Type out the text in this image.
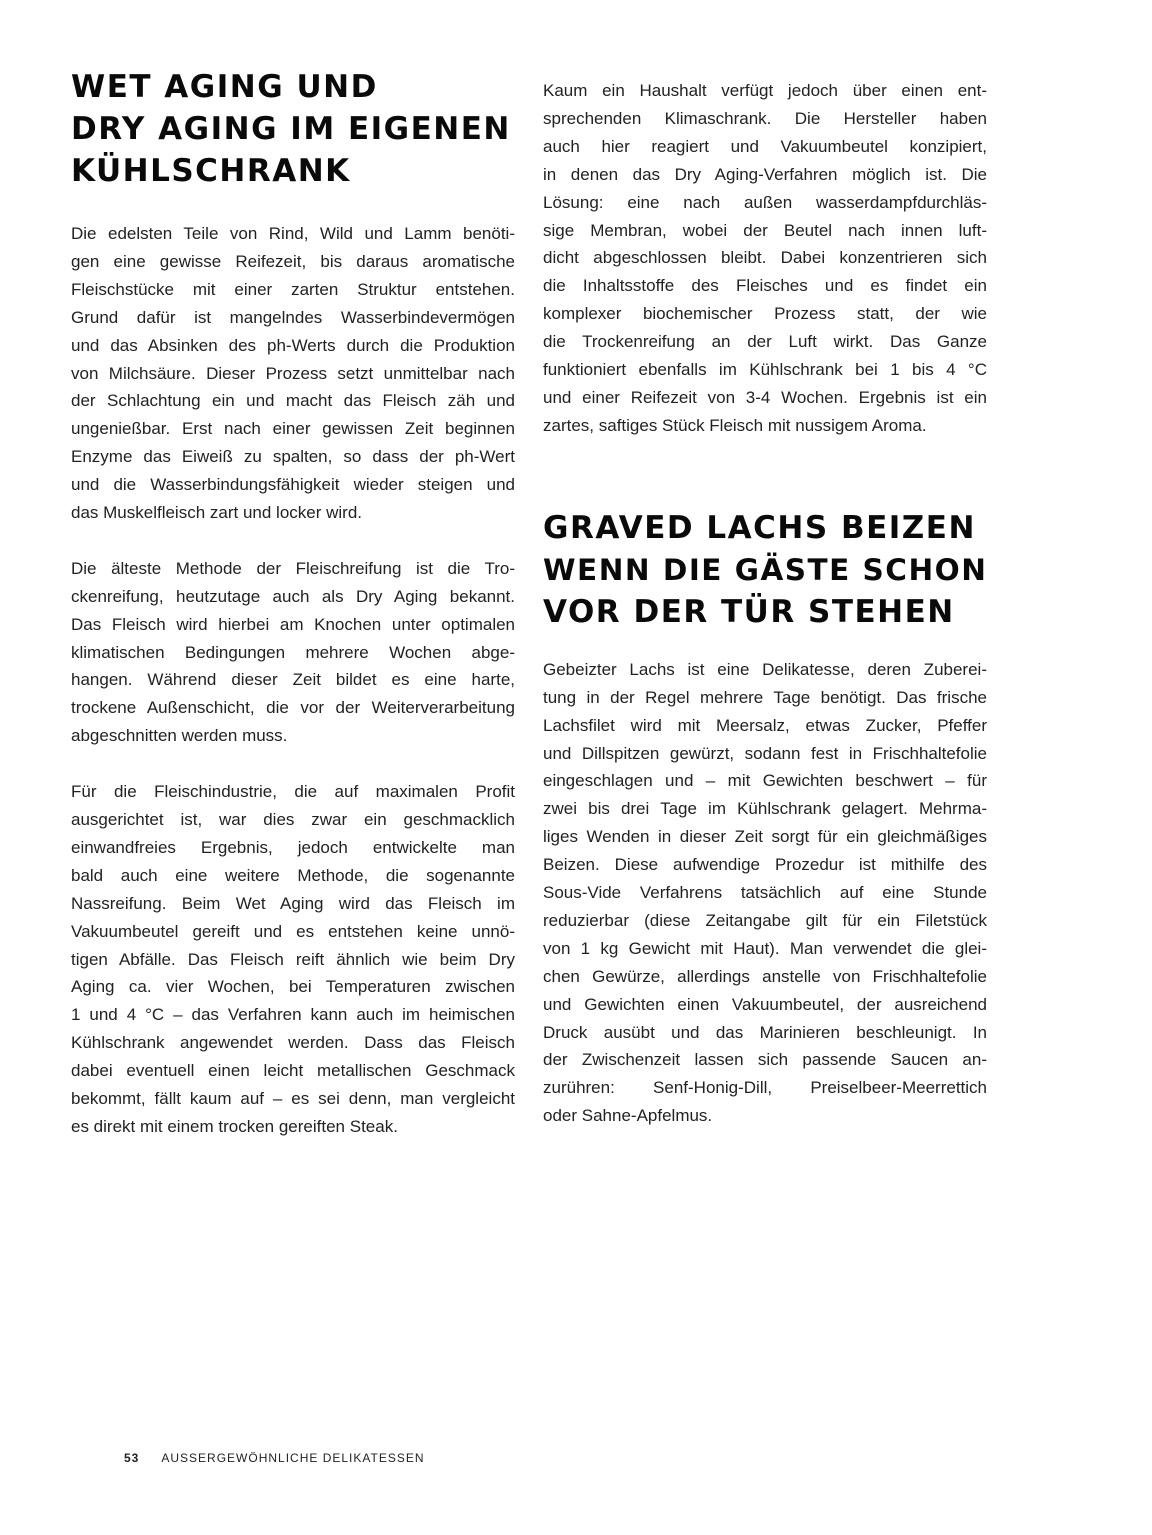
WET AGING UND
DRY AGING IM EIGENEN
KÜHLSCHRANK

Die edelsten Teile von Rind, Wild und Lamm benöti-

gen eine gewisse Reifezeit, bis daraus aromatische

Fleischstücke mit einer zarten Struktur entstehen.

Grund dafür ist mangelndes Wasserbindevermögen

und das Absinken des ph-Werts durch die Produktion

von Milchsäure. Dieser Prozess setzt unmittelbar nach

der Schlachtung ein und macht das Fleisch zäh und

ungenießbar. Erst nach einer gewissen Zeit beginnen

Enzyme das Eiweiß zu spalten, so dass der ph-Wert

und die Wasserbindungsfähigkeit wieder steigen und

das Muskelfleisch zart und locker wird.

Die älteste Methode der Fleischreifung ist die Tro-

ckenreifung, heutzutage auch als Dry Aging bekannt.

Das Fleisch wird hierbei am Knochen unter optimalen

klimatischen Bedingungen mehrere Wochen abge-

hangen. Während dieser Zeit bildet es eine harte,

trockene Außenschicht, die vor der Weiterverarbeitung

abgeschnitten werden muss.

Für die Fleischindustrie, die auf maximalen Profit

ausgerichtet ist, war dies zwar ein geschmacklich

einwandfreies Ergebnis, jedoch entwickelte man

bald auch eine weitere Methode, die sogenannte

Nassreifung. Beim Wet Aging wird das Fleisch im

Vakuumbeutel gereift und es entstehen keine unnö-

tigen Abfälle. Das Fleisch reift ähnlich wie beim Dry

Aging ca. vier Wochen, bei Temperaturen zwischen

1 und 4 °C – das Verfahren kann auch im heimischen

Kühlschrank angewendet werden. Dass das Fleisch

dabei eventuell einen leicht metallischen Geschmack

bekommt, fällt kaum auf – es sei denn, man vergleicht

es direkt mit einem trocken gereiften Steak.

Kaum ein Haushalt verfügt jedoch über einen ent-

sprechenden Klimaschrank. Die Hersteller haben

auch hier reagiert und Vakuumbeutel konzipiert,

in denen das Dry Aging-Verfahren möglich ist. Die

Lösung: eine nach außen wasserdampfdurchläs-

sige Membran, wobei der Beutel nach innen luft-

dicht abgeschlossen bleibt. Dabei konzentrieren sich

die Inhaltsstoffe des Fleisches und es findet ein

komplexer biochemischer Prozess statt, der wie

die Trockenreifung an der Luft wirkt. Das Ganze

funktioniert ebenfalls im Kühlschrank bei 1 bis 4 °C

und einer Reifezeit von 3-4 Wochen. Ergebnis ist ein

zartes, saftiges Stück Fleisch mit nussigem Aroma.

GRAVED LACHS BEIZEN
WENN DIE GÄSTE SCHON
VOR DER TÜR STEHEN

Gebeizter Lachs ist eine Delikatesse, deren Zuberei-

tung in der Regel mehrere Tage benötigt. Das frische

Lachsfilet wird mit Meersalz, etwas Zucker, Pfeffer

und Dillspitzen gewürzt, sodann fest in Frischhaltefolie

eingeschlagen und – mit Gewichten beschwert – für

zwei bis drei Tage im Kühlschrank gelagert. Mehrma-

liges Wenden in dieser Zeit sorgt für ein gleichmäßiges

Beizen. Diese aufwendige Prozedur ist mithilfe des

Sous-Vide Verfahrens tatsächlich auf eine Stunde

reduzierbar (diese Zeitangabe gilt für ein Filetstück

von 1 kg Gewicht mit Haut). Man verwendet die glei-

chen Gewürze, allerdings anstelle von Frischhaltefolie

und Gewichten einen Vakuumbeutel, der ausreichend

Druck ausübt und das Marinieren beschleunigt. In

der Zwischenzeit lassen sich passende Saucen an-

zurühren: Senf-Honig-Dill, Preiselbeer-Meerrettich

oder Sahne-Apfelmus.

53 AUSSERGEWÖHNLICHE DELIKATESSEN
